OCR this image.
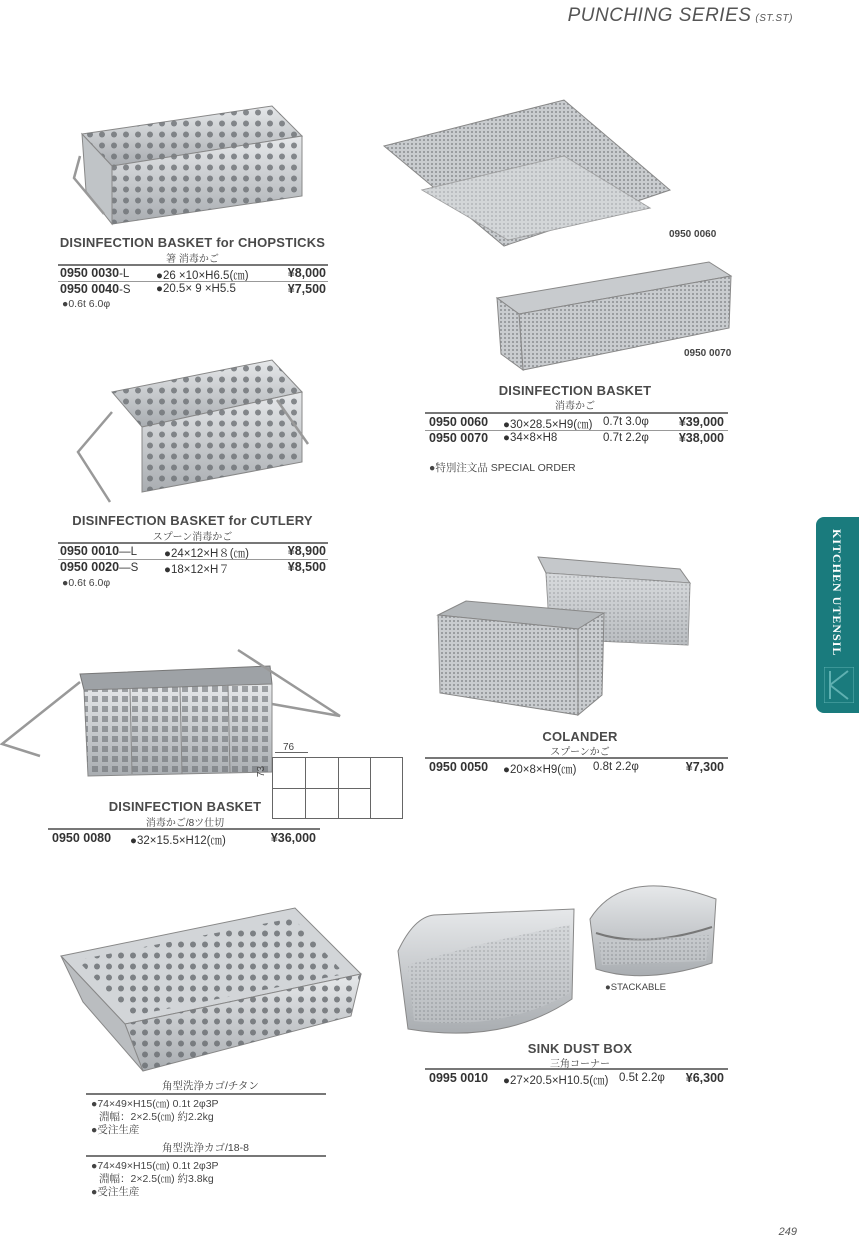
PUNCHING SERIES (ST.ST)
DISINFECTION BASKET for CHOPSTICKS
箸 消毒かご
0950 0030-L ●26 ×10×H6.5(㎝)	¥8,000
0950 0040-S ●20.5× 9 ×H5.5	¥7,500
●0.6t 6.0φ
DISINFECTION BASKET for CUTLERY
スプーン消毒かご
0950 0010—L ●24×12×H８(㎝)	¥8,900
0950 0020—S ●18×12×H７	¥8,500
●0.6t 6.0φ
76
73
DISINFECTION BASKET
消毒かご/8ツ仕切
0950 0080 ●32×15.5×H12(㎝)	¥36,000
角型洗浄カゴ/チタン
●74×49×H15(㎝) 0.1t 2φ3P
淵幅：2×2.5(㎝) 約2.2kg
●受注生産
角型洗浄カゴ/18-8
●74×49×H15(㎝) 0.1t 2φ3P
淵幅：2×2.5(㎝) 約3.8kg
●受注生産
0950 0060
0950 0070
DISINFECTION BASKET
消毒かご
0950 0060 ●30×28.5×H9(㎝) 0.7t 3.0φ ¥39,000
0950 0070 ●34×8×H8	0.7t 2.2φ ¥38,000
●特別注文品 SPECIAL ORDER
COLANDER
スプーンかご
0950 0050 ●20×8×H9(㎝) 0.8t 2.2φ	¥7,300
●STACKABLE
SINK DUST BOX
三角コーナー
0995 0010 ●27×20.5×H10.5(㎝) 0.5t 2.2φ ¥6,300
KITCHEN UTENSIL
249
